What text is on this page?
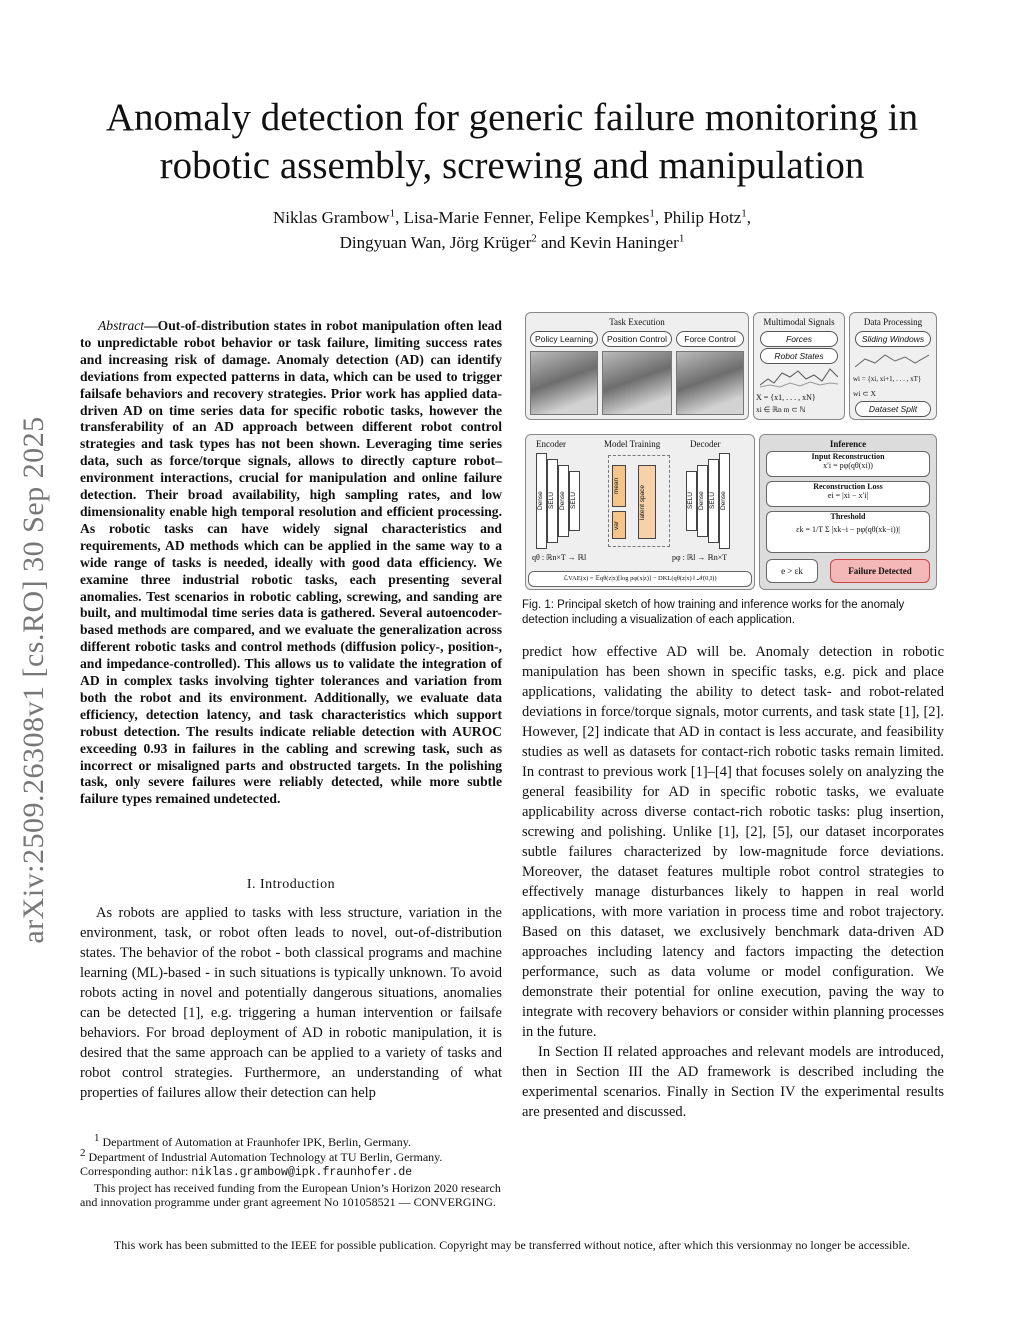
arXiv:2509.26308v1 [cs.RO] 30 Sep 2025
Anomaly detection for generic failure monitoring in
robotic assembly, screwing and manipulation
Niklas Grambow$^1$, Lisa-Marie Fenner, Felipe Kempkes$^1$, Philip Hotz$^1$,
Dingyuan Wan, Jörg Krüger$^2$ and Kevin Haninger$^1$
Abstract—Out-of-distribution states in robot manipulation often lead to unpredictable robot behavior or task failure, limiting success rates and increasing risk of damage. Anomaly detection (AD) can identify deviations from expected patterns in data, which can be used to trigger failsafe behaviors and recovery strategies. Prior work has applied data-driven AD on time series data for specific robotic tasks, however the transferability of an AD approach between different robot control strategies and task types has not been shown. Leveraging time series data, such as force/torque signals, allows to directly capture robot–environment interactions, crucial for manipulation and online failure detection. Their broad availability, high sampling rates, and low dimensionality enable high temporal resolution and efficient processing. As robotic tasks can have widely signal characteristics and requirements, AD methods which can be applied in the same way to a wide range of tasks is needed, ideally with good data efficiency. We examine three industrial robotic tasks, each presenting several anomalies. Test scenarios in robotic cabling, screwing, and sanding are built, and multimodal time series data is gathered. Several autoencoder-based methods are compared, and we evaluate the generalization across different robotic tasks and control methods (diffusion policy-, position-, and impedance-controlled). This allows us to validate the integration of AD in complex tasks involving tighter tolerances and variation from both the robot and its environment. Additionally, we evaluate data efficiency, detection latency, and task characteristics which support robust detection. The results indicate reliable detection with AUROC exceeding 0.93 in failures in the cabling and screwing task, such as incorrect or misaligned parts and obstructed targets. In the polishing task, only severe failures were reliably detected, while more subtle failure types remained undetected.
I. Introduction
As robots are applied to tasks with less structure, variation in the environment, task, or robot often leads to novel, out-of-distribution states. The behavior of the robot - both classical programs and machine learning (ML)-based - in such situations is typically unknown. To avoid robots acting in novel and potentially dangerous situations, anomalies can be detected [1], e.g. triggering a human intervention or failsafe behaviors. For broad deployment of AD in robotic manipulation, it is desired that the same approach can be applied to a variety of tasks and robot control strategies. Furthermore, an understanding of what properties of failures allow their detection can help

$^1$ Department of Automation at Fraunhofer IPK, Berlin, Germany.

$^2$ Department of Industrial Automation Technology at TU Berlin, Germany.

Corresponding author: niklas.grambow@ipk.fraunhofer.de

This project has received funding from the European Union’s Horizon 2020 research and innovation programme under grant agreement No 101058521 — CONVERGING.

Task Execution
Policy Learning	Position Control	Force Control
Multimodal Signals
Forces
Robot States
X = {x1, . . . , xN}
xi ∈ ℝn m ⊂ ℕ
Data Processing
Sliding Windows
wi = {xi, xi+1, . . . , xT}
wi ⊂ X
Dataset Split
Encoder	Model Training	Decoder
Dense SELU Dense SELU
mean
var
latent space	SELU Dense SELU Dense
qθ : ℝn×T → ℝl	pφ : ℝl → ℝn×T
ℒVAE(x) = 𝔼qθ(z|x)[log pφ(x|z)] − DKL(qθ(z|x) ‖ 𝒩(0,I))
Inference
Input Reconstruction
x′i = pφ(qθ(xi))
Reconstruction Loss
ei = |xi − x′i|
Threshold
εk = 1/T Σ |xk−i − pφ(qθ(xk−i))|
e > εk	Failure Detected
Fig. 1: Principal sketch of how training and inference works for the anomaly detection including a visualization of each application.

predict how effective AD will be. Anomaly detection in robotic manipulation has been shown in specific tasks, e.g. pick and place applications, validating the ability to detect task- and robot-related deviations in force/torque signals, motor currents, and task state [1], [2]. However, [2] indicate that AD in contact is less accurate, and feasibility studies as well as datasets for contact-rich robotic tasks remain limited. In contrast to previous work [1]–[4] that focuses solely on analyzing the general feasibility for AD in specific robotic tasks, we evaluate applicability across diverse contact-rich robotic tasks: plug insertion, screwing and polishing. Unlike [1], [2], [5], our dataset incorporates subtle failures characterized by low-magnitude force deviations. Moreover, the dataset features multiple robot control strategies to effectively manage disturbances likely to happen in real world applications, with more variation in process time and robot trajectory. Based on this dataset, we exclusively benchmark data-driven AD approaches including latency and factors impacting the detection performance, such as data volume or model configuration. We demonstrate their potential for online execution, paving the way to integrate with recovery behaviors or consider within planning processes in the future.

In Section II related approaches and relevant models are introduced, then in Section III the AD framework is described including the experimental scenarios. Finally in Section IV the experimental results are presented and discussed.

This work has been submitted to the IEEE for possible publication. Copyright may be transferred without notice, after which this versionmay no longer be accessible.
